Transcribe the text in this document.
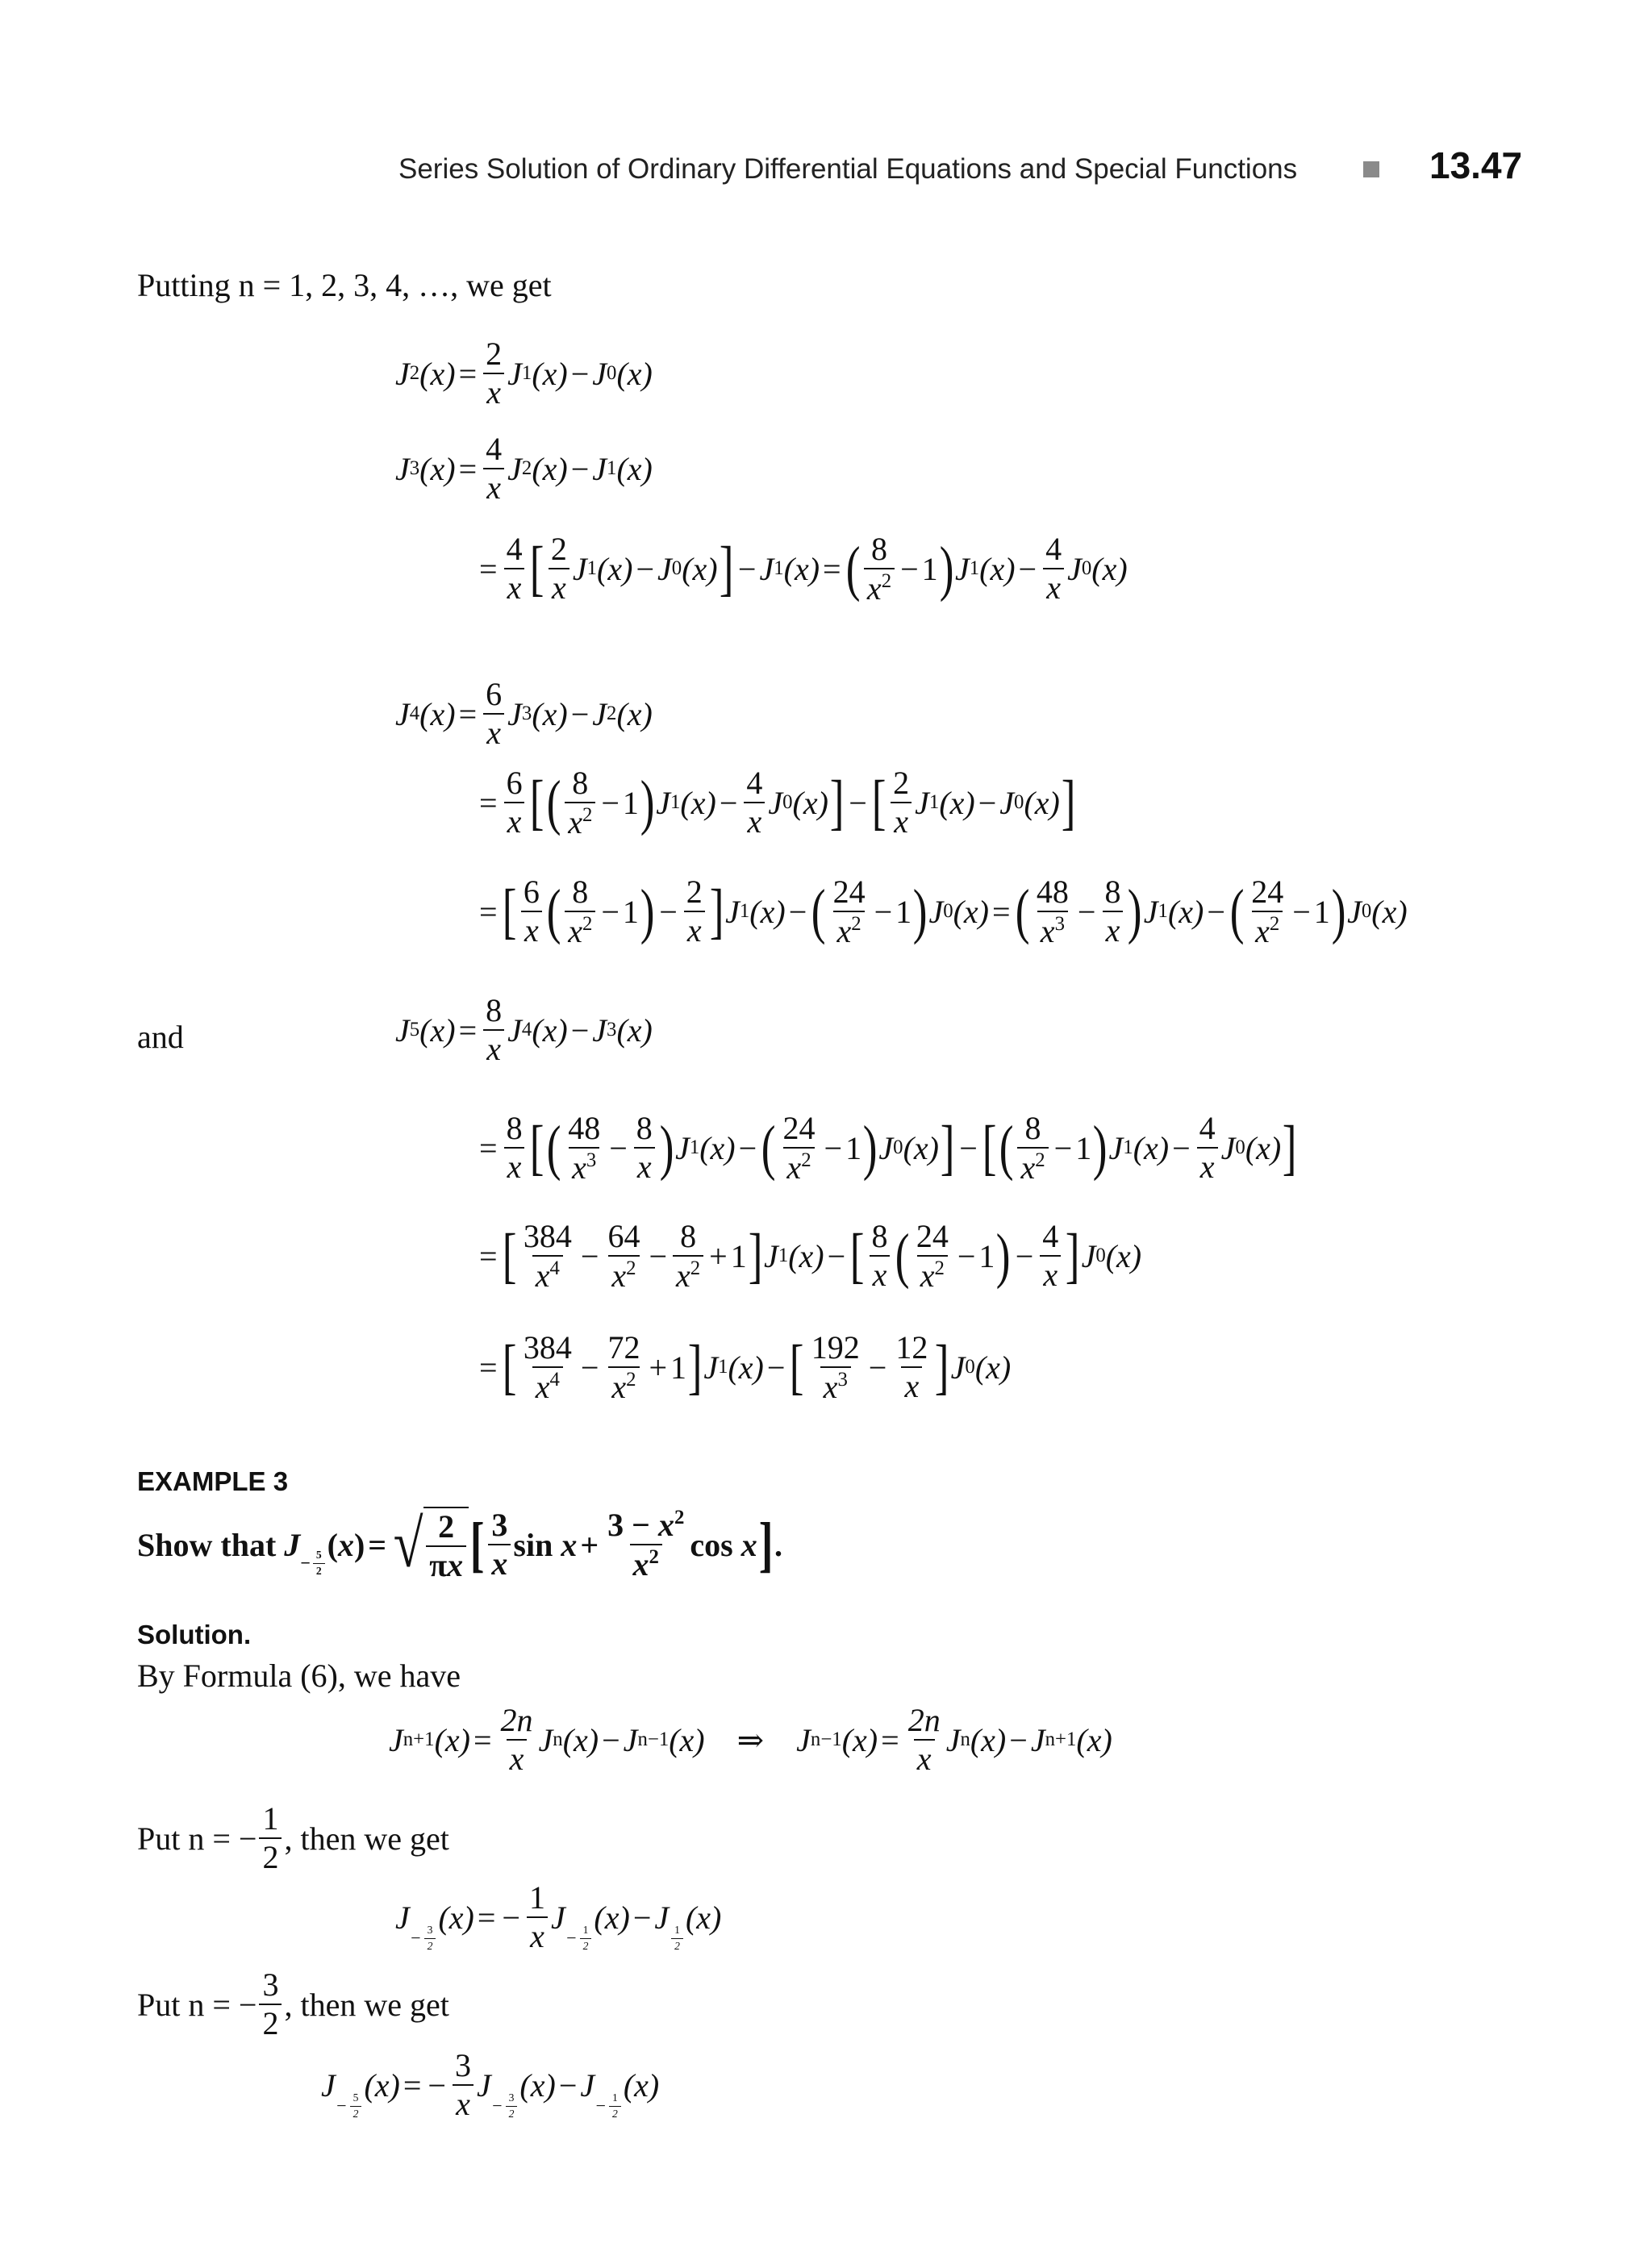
Series Solution of Ordinary Differential Equations and Special Functions	13.47
Putting n = 1, 2, 3, 4, …, we get
J 2 $(x) = \frac{2}{x}$ J 1 (x) − J 0 (x)
J 3 $(x) = \frac{4}{x}$ J 2 (x) − J 1 (x)
= $\frac{4}{x}$ [ $\frac{2}{x}$ J 1 (x) − J 0 (x) ] − J 1 (x) = ( $\frac{8}{x^2} - 1$ ) J 1 $(x) - \frac{4}{x}$ J 0 (x)
J 4 $(x) = \frac{6}{x}$ J 3 (x) − J 2 (x)
= $\frac{6}{x}$ [ ( $\frac{8}{x^2} - 1$ ) J 1 $(x) - \frac{4}{x}$ J 0 (x) ] − [ $\frac{2}{x}$ J 1 (x) − J 0 (x) ]
= [ $\frac{6}{x}$ ( $\frac{8}{x^2} - 1$ ) − $\frac{2}{x}$ ] J 1 (x) − ( $\frac{24}{x^2} - 1$ ) J 0 (x) = ( $\frac{48}{x^3} - \frac{8}{x}$ ) J 1 (x) − ( $\frac{24}{x^2} - 1$ ) J 0 (x)
and	J 5 $(x) = \frac{8}{x}$ J 4 (x) − J 3 (x)
= $\frac{8}{x}$ [ ( $\frac{48}{x^3} - \frac{8}{x}$ ) J 1 (x) − ( $\frac{24}{x^2} - 1$ ) J 0 (x) ] − [ ( $\frac{8}{x^2} - 1$ ) J 1 $(x) - \frac{4}{x}$ J 0 (x) ]
= [ $\frac{384}{x^4} - \frac{64}{x^2} - \frac{8}{x^2} + 1$ ] J 1 (x) − [ $\frac{8}{x}$ ( $\frac{24}{x^2} - 1$ ) − $\frac{4}{x}$ ] J 0 (x)
= [ $\frac{384}{x^4} - \frac{72}{x^2} + 1$ ] J 1 (x) − [ $\frac{192}{x^3} - \frac{12}{x}$ ] J 0 (x)
EXAMPLE 3
Show that
$J - \frac{5}{2}$
( x ) = √ $\frac{2}{\pi x}$ [ $\frac{3}{x}$ $\sin x + \frac{3 - x^2}{x^2}$ cos x ] .
Solution.
By Formula (6), we have
J n+1 $(x) = \frac{2n}{x}$ J n (x) − J n−1 (x) ⇒ J n−1 $(x) = \frac{2n}{x}$ J n (x) − J n+1 (x)
Put n = − $\frac{1}{2}$ , then we get
J
− $\frac{3}{2}$
(x) = − $\frac{1}{x}$ J
− $\frac{1}{2}$
(x) − J
$\frac{1}{2}$
(x)
Put n = − $\frac{3}{2}$ , then we get
J
− $\frac{5}{2}$
(x) = − $\frac{3}{x}$ J
− $\frac{3}{2}$
(x) − J
− $\frac{1}{2}$
(x)
